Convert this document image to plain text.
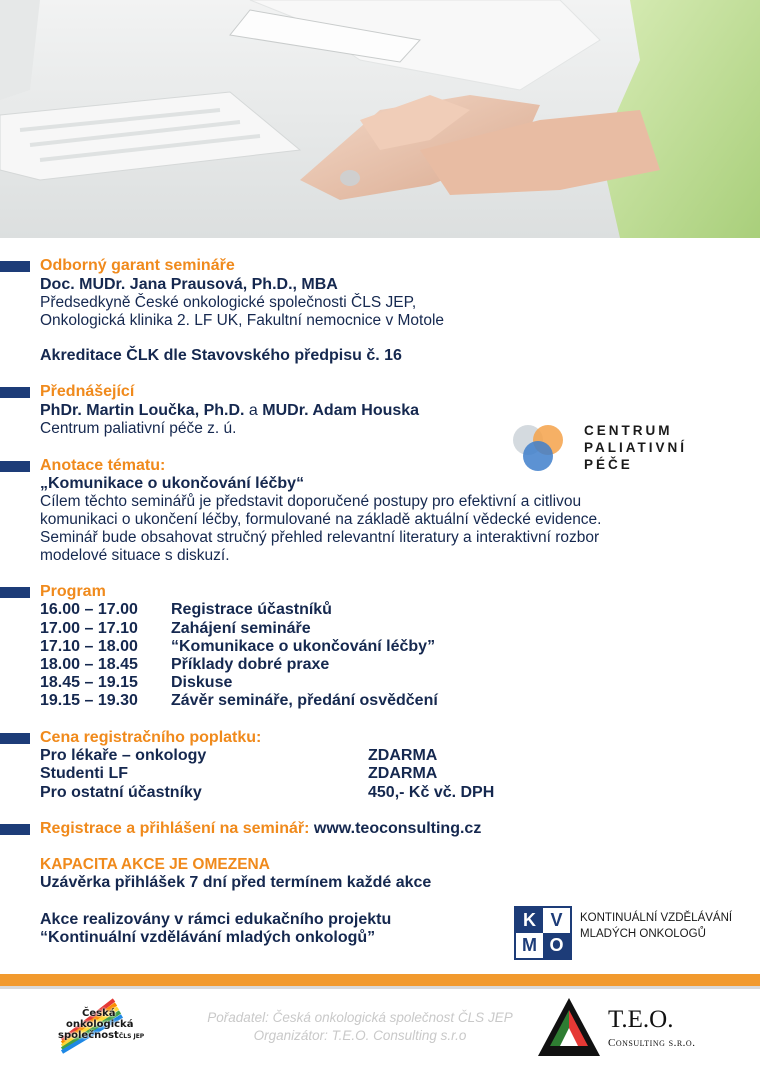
Odborný garant semináře
Doc. MUDr. Jana Prausová, Ph.D., MBA
Předsedkyně České onkologické společnosti ČLS JEP,
Onkologická klinika 2. LF UK, Fakultní nemocnice v Motole
Akreditace ČLK dle Stavovského předpisu č. 16
Přednášející
PhDr. Martin Loučka, Ph.D. a MUDr. Adam Houska
Centrum paliativní péče z. ú.	CENTRUM
PALIATIVNÍ
PÉČE
Anotace tématu:
„Komunikace o ukončování léčby“
Cílem těchto seminářů je představit doporučené postupy pro efektivní a citlivou
komunikaci o ukončení léčby, formulované na základě aktuální vědecké evidence.
Seminář bude obsahovat stručný přehled relevantní literatury a interaktivní rozbor
modelové situace s diskuzí.
Program
16.00 – 17.00 Registrace účastníků
17.00 – 17.10 Zahájení semináře
17.10 – 18.00 “Komunikace o ukončování léčby”
18.00 – 18.45 Příklady dobré praxe
18.45 – 19.15 Diskuse
19.15 – 19.30 Závěr semináře, předání osvědčení
Cena registračního poplatku:
Pro lékaře – onkology	ZDARMA
Studenti LF	ZDARMA
Pro ostatní účastníky	450,- Kč vč. DPH
Registrace a přihlášení na seminář: www.teoconsulting.cz
KAPACITA AKCE JE OMEZENA
Uzávěrka přihlášek 7 dní před termínem každé akce
Akce realizovány v rámci edukačního projektu
“Kontinuální vzdělávání mladých onkologů”
K V
M O
KONTINUÁLNÍ VZDĚLÁVÁNÍ
MLADÝCH ONKOLOGŮ
Česká
onkologická
společnostČLS JEP
Pořadatel: Česká onkologická společnost ČLS JEP
Organizátor: T.E.O. Consulting s.r.o
T.E.O.
Consulting s.r.o.
